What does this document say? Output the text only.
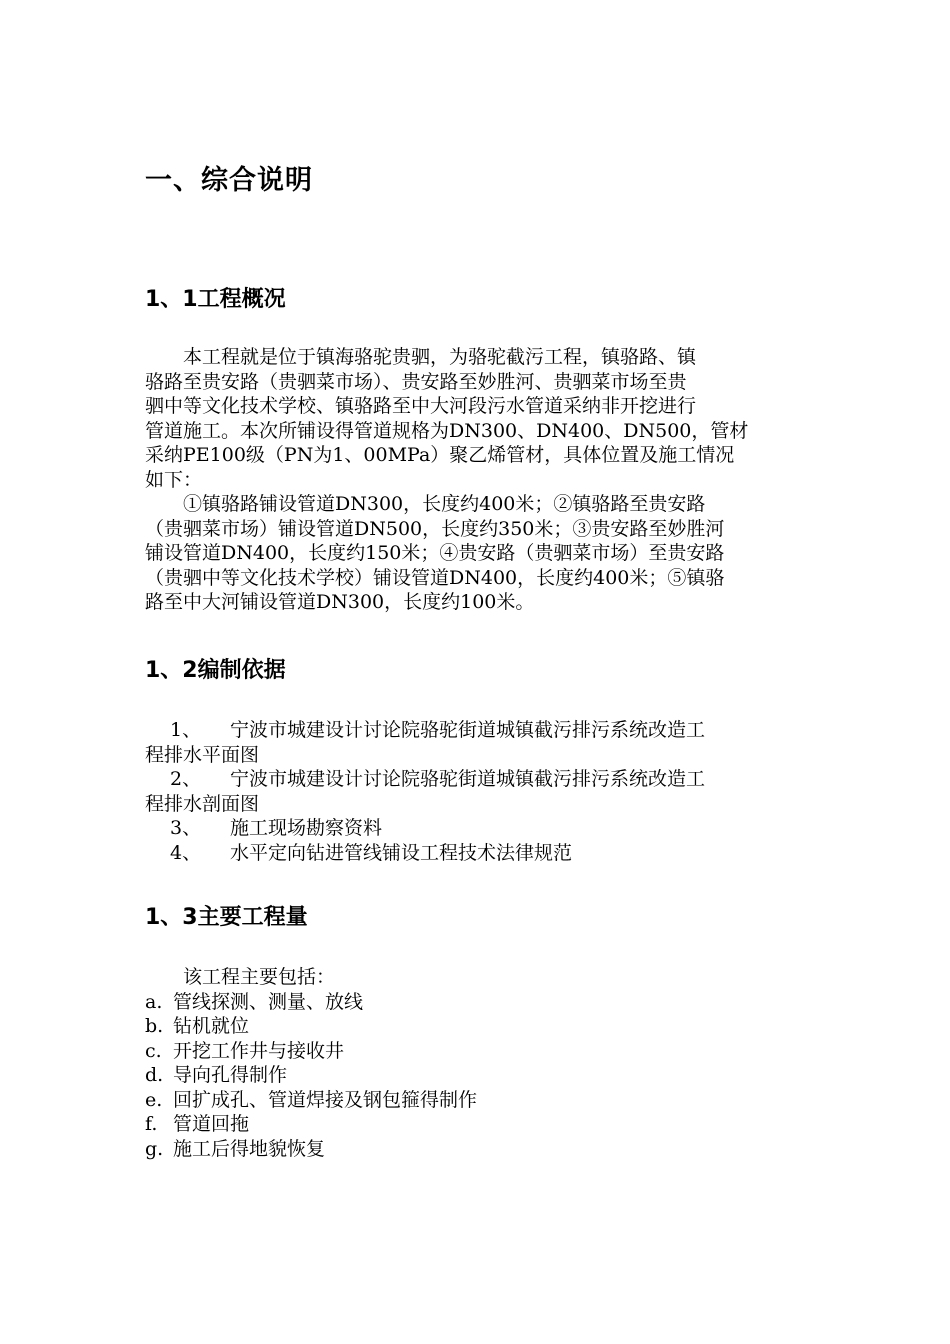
一、综合说明
1、1工程概况
　　本工程就是位于镇海骆驼贵驷，为骆驼截污工程，镇骆路、镇
骆路至贵安路（贵驷菜市场）、贵安路至妙胜河、贵驷菜市场至贵
驷中等文化技术学校、镇骆路至中大河段污水管道采纳非开挖进行
管道施工。本次所铺设得管道规格为DN300、DN400、DN500，管材
采纳PE100级（PN为1、00MPa）聚乙烯管材，具体位置及施工情况
如下：
　　①镇骆路铺设管道DN300，长度约400米；②镇骆路至贵安路
（贵驷菜市场）铺设管道DN500，长度约350米；③贵安路至妙胜河
铺设管道DN400，长度约150米；④贵安路（贵驷菜市场）至贵安路
（贵驷中等文化技术学校）铺设管道DN400，长度约400米；⑤镇骆
路至中大河铺设管道DN300，长度约100米。
1、2编制依据
1、 宁波市城建设计讨论院骆驼街道城镇截污排污系统改造工
程排水平面图
2、 宁波市城建设计讨论院骆驼街道城镇截污排污系统改造工
程排水剖面图
3、 施工现场勘察资料
4、 水平定向钻进管线铺设工程技术法律规范
1、3主要工程量
　　该工程主要包括：
a. 管线探测、测量、放线
b. 钻机就位
c. 开挖工作井与接收井
d. 导向孔得制作
e. 回扩成孔、管道焊接及钢包箍得制作
f. 管道回拖
g. 施工后得地貌恢复
